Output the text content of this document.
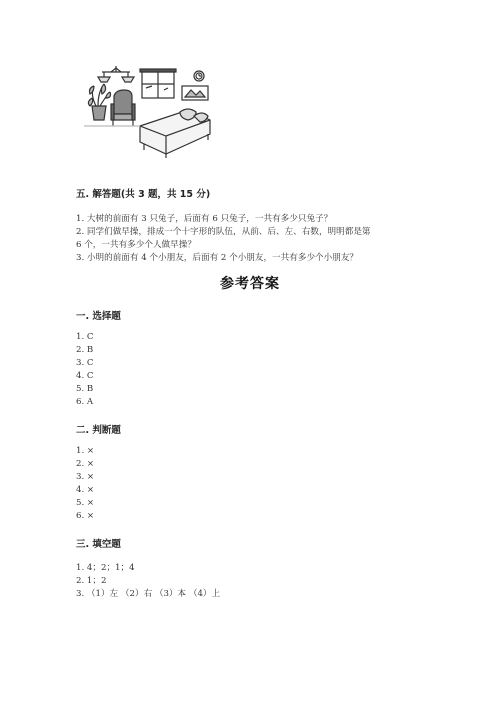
五. 解答题(共 3 题，共 15 分)
1. 大树的前面有 3 只兔子，后面有 6 只兔子，一共有多少只兔子？
2. 同学们做早操，排成一个十字形的队伍，从前、后、左、右数，明明都是第
6 个，一共有多少个人做早操？
3. 小明的前面有 4 个小朋友，后面有 2 个小朋友，一共有多少个小朋友？
参考答案
一. 选择题
1. C
2. B
3. C
4. C
5. B
6. A
二. 判断题
1. ×
2. ×
3. ×
4. ×
5. ×
6. ×
三. 填空题
1. 4；2；1；4
2. 1；2
3. （1）左 （2）右 （3）本 （4）上
